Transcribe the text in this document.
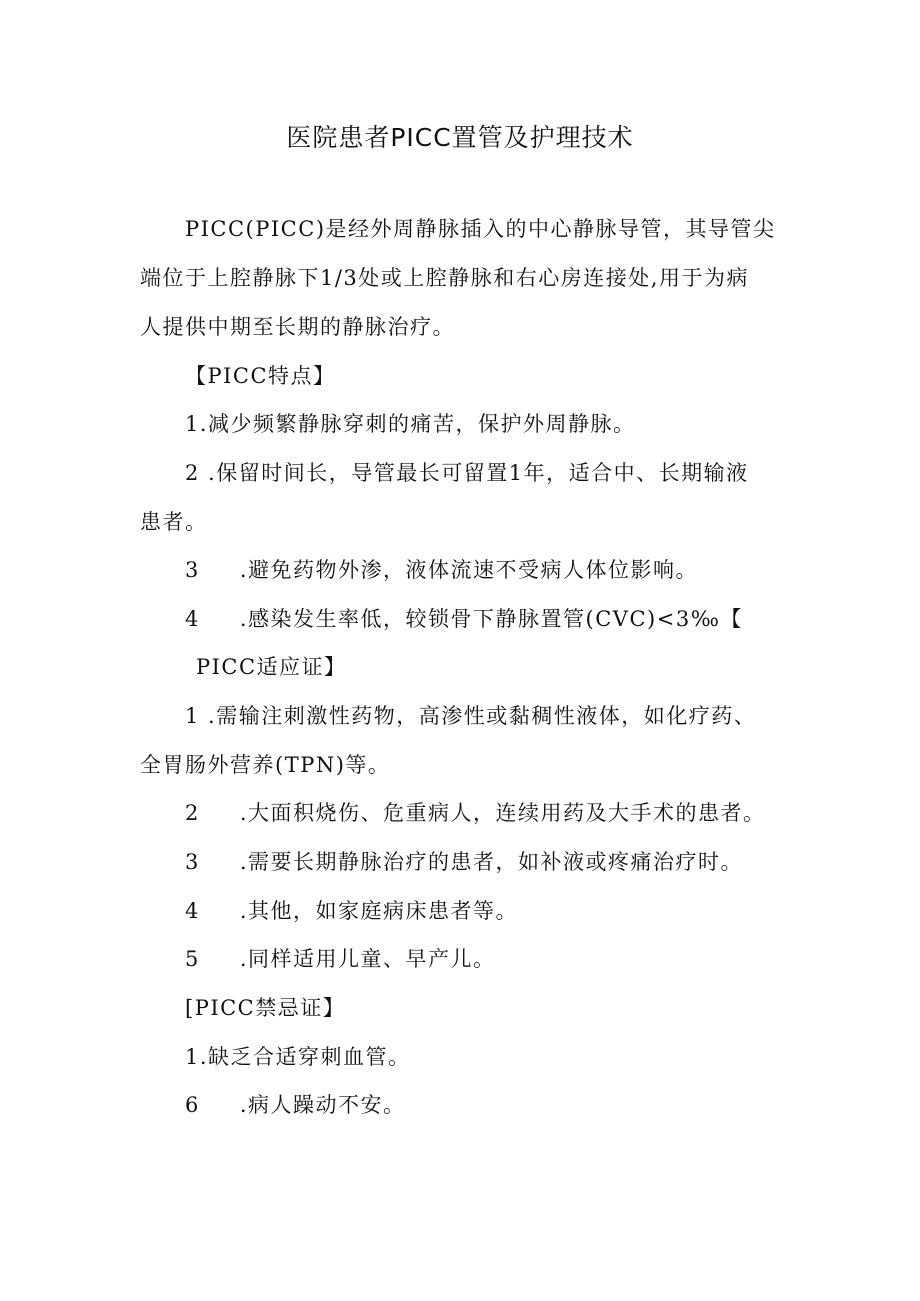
医院患者PICC置管及护理技术
PICC(PICC)是经外周静脉插入的中心静脉导管，其导管尖
端位于上腔静脉下1/3处或上腔静脉和右心房连接处,用于为病
人提供中期至长期的静脉治疗。
【PICC特点】
1.减少频繁静脉穿刺的痛苦，保护外周静脉。
2 .保留时间长，导管最长可留置1年，适合中、长期输液
患者。
3 .避免药物外渗，液体流速不受病人体位影响。
4 .感染发生率低，较锁骨下静脉置管(CVC)<3‰【
PICC适应证】
1 .需输注刺激性药物，高渗性或黏稠性液体，如化疗药、
全胃肠外营养(TPN)等。
2 .大面积烧伤、危重病人，连续用药及大手术的患者。
3 .需要长期静脉治疗的患者，如补液或疼痛治疗时。
4 .其他，如家庭病床患者等。
5 .同样适用儿童、早产儿。
[PICC禁忌证】
1.缺乏合适穿刺血管。
6 .病人躁动不安。
